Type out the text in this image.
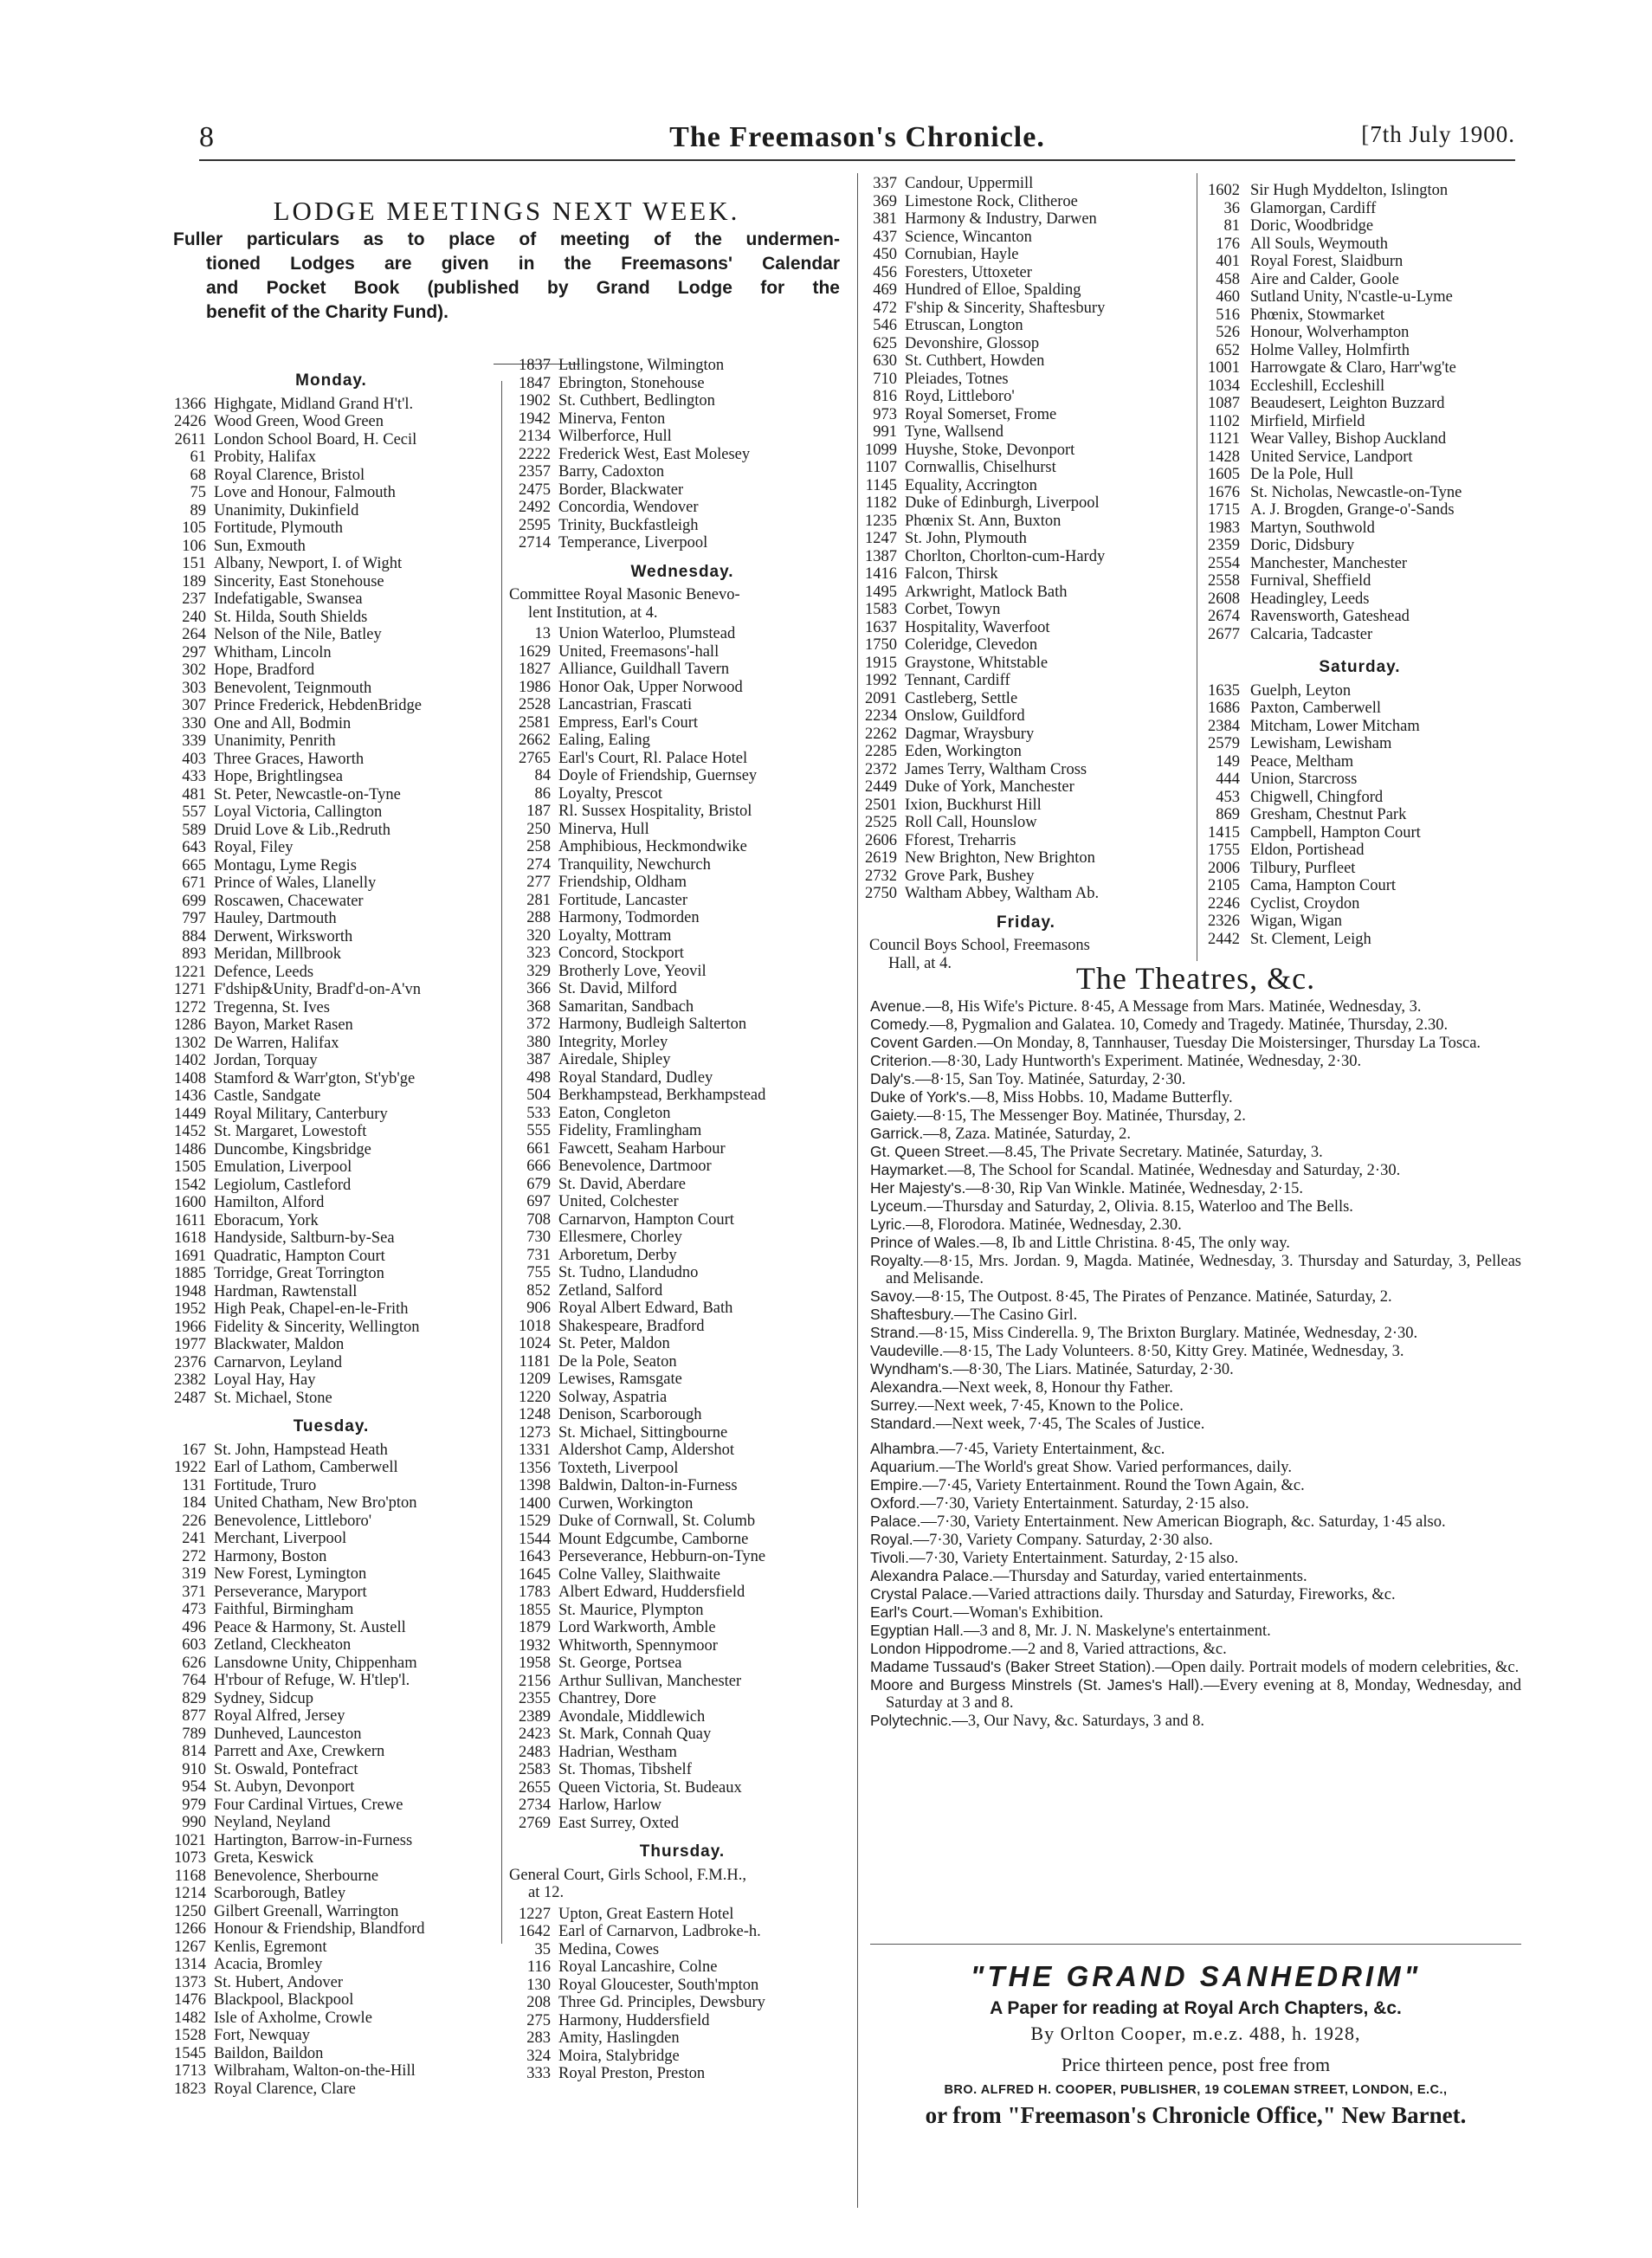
8	The Freemason's Chronicle.	[7th July 1900.
LODGE MEETINGS NEXT WEEK.
Fuller particulars as to place of meeting of the undermen-
tioned Lodges are given in the Freemasons' Calendar
and Pocket Book (published by Grand Lodge for the
benefit of the Charity Fund).
Monday.
1366 Highgate, Midland Grand H't'l.
2426 Wood Green, Wood Green
2611 London School Board, H. Cecil
61 Probity, Halifax
68 Royal Clarence, Bristol
75 Love and Honour, Falmouth
89 Unanimity, Dukinfield
105 Fortitude, Plymouth
106 Sun, Exmouth
151 Albany, Newport, I. of Wight
189 Sincerity, East Stonehouse
237 Indefatigable, Swansea
240 St. Hilda, South Shields
264 Nelson of the Nile, Batley
297 Whitham, Lincoln
302 Hope, Bradford
303 Benevolent, Teignmouth
307 Prince Frederick, HebdenBridge
330 One and All, Bodmin
339 Unanimity, Penrith
403 Three Graces, Haworth
433 Hope, Brightlingsea
481 St. Peter, Newcastle-on-Tyne
557 Loyal Victoria, Callington
589 Druid Love & Lib.,Redruth
643 Royal, Filey
665 Montagu, Lyme Regis
671 Prince of Wales, Llanelly
699 Roscawen, Chacewater
797 Hauley, Dartmouth
884 Derwent, Wirksworth
893 Meridan, Millbrook
1221 Defence, Leeds
1271 F'dship&Unity, Bradf'd-on-A'vn
1272 Tregenna, St. Ives
1286 Bayon, Market Rasen
1302 De Warren, Halifax
1402 Jordan, Torquay
1408 Stamford & Warr'gton, St'yb'ge
1436 Castle, Sandgate
1449 Royal Military, Canterbury
1452 St. Margaret, Lowestoft
1486 Duncombe, Kingsbridge
1505 Emulation, Liverpool
1542 Legiolum, Castleford
1600 Hamilton, Alford
1611 Eboracum, York
1618 Handyside, Saltburn-by-Sea
1691 Quadratic, Hampton Court
1885 Torridge, Great Torrington
1948 Hardman, Rawtenstall
1952 High Peak, Chapel-en-le-Frith
1966 Fidelity & Sincerity, Wellington
1977 Blackwater, Maldon
2376 Carnarvon, Leyland
2382 Loyal Hay, Hay
2487 St. Michael, Stone
Tuesday.
167 St. John, Hampstead Heath
1922 Earl of Lathom, Camberwell
131 Fortitude, Truro
184 United Chatham, New Bro'pton
226 Benevolence, Littleboro'
241 Merchant, Liverpool
272 Harmony, Boston
319 New Forest, Lymington
371 Perseverance, Maryport
473 Faithful, Birmingham
496 Peace & Harmony, St. Austell
603 Zetland, Cleckheaton
626 Lansdowne Unity, Chippenham
764 H'rbour of Refuge, W. H'tlep'l.
829 Sydney, Sidcup
877 Royal Alfred, Jersey
789 Dunheved, Launceston
814 Parrett and Axe, Crewkern
910 St. Oswald, Pontefract
954 St. Aubyn, Devonport
979 Four Cardinal Virtues, Crewe
990 Neyland, Neyland
1021 Hartington, Barrow-in-Furness
1073 Greta, Keswick
1168 Benevolence, Sherbourne
1214 Scarborough, Batley
1250 Gilbert Greenall, Warrington
1266 Honour & Friendship, Blandford
1267 Kenlis, Egremont
1314 Acacia, Bromley
1373 St. Hubert, Andover
1476 Blackpool, Blackpool
1482 Isle of Axholme, Crowle
1528 Fort, Newquay
1545 Baildon, Baildon
1713 Wilbraham, Walton-on-the-Hill
1823 Royal Clarence, Clare
1837 Lullingstone, Wilmington
1847 Ebrington, Stonehouse
1902 St. Cuthbert, Bedlington
1942 Minerva, Fenton
2134 Wilberforce, Hull
2222 Frederick West, East Molesey
2357 Barry, Cadoxton
2475 Border, Blackwater
2492 Concordia, Wendover
2595 Trinity, Buckfastleigh
2714 Temperance, Liverpool
Wednesday.
Committee Royal Masonic Benevo-
lent Institution, at 4.
13 Union Waterloo, Plumstead
1629 United, Freemasons'-hall
1827 Alliance, Guildhall Tavern
1986 Honor Oak, Upper Norwood
2528 Lancastrian, Frascati
2581 Empress, Earl's Court
2662 Ealing, Ealing
2765 Earl's Court, Rl. Palace Hotel
84 Doyle of Friendship, Guernsey
86 Loyalty, Prescot
187 Rl. Sussex Hospitality, Bristol
250 Minerva, Hull
258 Amphibious, Heckmondwike
274 Tranquility, Newchurch
277 Friendship, Oldham
281 Fortitude, Lancaster
288 Harmony, Todmorden
320 Loyalty, Mottram
323 Concord, Stockport
329 Brotherly Love, Yeovil
366 St. David, Milford
368 Samaritan, Sandbach
372 Harmony, Budleigh Salterton
380 Integrity, Morley
387 Airedale, Shipley
498 Royal Standard, Dudley
504 Berkhampstead, Berkhampstead
533 Eaton, Congleton
555 Fidelity, Framlingham
661 Fawcett, Seaham Harbour
666 Benevolence, Dartmoor
679 St. David, Aberdare
697 United, Colchester
708 Carnarvon, Hampton Court
730 Ellesmere, Chorley
731 Arboretum, Derby
755 St. Tudno, Llandudno
852 Zetland, Salford
906 Royal Albert Edward, Bath
1018 Shakespeare, Bradford
1024 St. Peter, Maldon
1181 De la Pole, Seaton
1209 Lewises, Ramsgate
1220 Solway, Aspatria
1248 Denison, Scarborough
1273 St. Michael, Sittingbourne
1331 Aldershot Camp, Aldershot
1356 Toxteth, Liverpool
1398 Baldwin, Dalton-in-Furness
1400 Curwen, Workington
1529 Duke of Cornwall, St. Columb
1544 Mount Edgcumbe, Camborne
1643 Perseverance, Hebburn-on-Tyne
1645 Colne Valley, Slaithwaite
1783 Albert Edward, Huddersfield
1855 St. Maurice, Plympton
1879 Lord Warkworth, Amble
1932 Whitworth, Spennymoor
1958 St. George, Portsea
2156 Arthur Sullivan, Manchester
2355 Chantrey, Dore
2389 Avondale, Middlewich
2423 St. Mark, Connah Quay
2483 Hadrian, Westham
2583 St. Thomas, Tibshelf
2655 Queen Victoria, St. Budeaux
2734 Harlow, Harlow
2769 East Surrey, Oxted
Thursday.
General Court, Girls School, F.M.H.,
at 12.
1227 Upton, Great Eastern Hotel
1642 Earl of Carnarvon, Ladbroke-h.
35 Medina, Cowes
116 Royal Lancashire, Colne
130 Royal Gloucester, South'mpton
208 Three Gd. Principles, Dewsbury
275 Harmony, Huddersfield
283 Amity, Haslingden
324 Moira, Stalybridge
333 Royal Preston, Preston
337 Candour, Uppermill
369 Limestone Rock, Clitheroe
381 Harmony & Industry, Darwen
437 Science, Wincanton
450 Cornubian, Hayle
456 Foresters, Uttoxeter
469 Hundred of Elloe, Spalding
472 F'ship & Sincerity, Shaftesbury
546 Etruscan, Longton
625 Devonshire, Glossop
630 St. Cuthbert, Howden
710 Pleiades, Totnes
816 Royd, Littleboro'
973 Royal Somerset, Frome
991 Tyne, Wallsend
1099 Huyshe, Stoke, Devonport
1107 Cornwallis, Chiselhurst
1145 Equality, Accrington
1182 Duke of Edinburgh, Liverpool
1235 Phœnix St. Ann, Buxton
1247 St. John, Plymouth
1387 Chorlton, Chorlton-cum-Hardy
1416 Falcon, Thirsk
1495 Arkwright, Matlock Bath
1583 Corbet, Towyn
1637 Hospitality, Waverfoot
1750 Coleridge, Clevedon
1915 Graystone, Whitstable
1992 Tennant, Cardiff
2091 Castleberg, Settle
2234 Onslow, Guildford
2262 Dagmar, Wraysbury
2285 Eden, Workington
2372 James Terry, Waltham Cross
2449 Duke of York, Manchester
2501 Ixion, Buckhurst Hill
2525 Roll Call, Hounslow
2606 Fforest, Treharris
2619 New Brighton, New Brighton
2732 Grove Park, Bushey
2750 Waltham Abbey, Waltham Ab.
Friday.
Council Boys School, Freemasons
Hall, at 4.
1602 Sir Hugh Myddelton, Islington
36 Glamorgan, Cardiff
81 Doric, Woodbridge
176 All Souls, Weymouth
401 Royal Forest, Slaidburn
458 Aire and Calder, Goole
460 Sutland Unity, N'castle-u-Lyme
516 Phœnix, Stowmarket
526 Honour, Wolverhampton
652 Holme Valley, Holmfirth
1001 Harrowgate & Claro, Harr'wg'te
1034 Eccleshill, Eccleshill
1087 Beaudesert, Leighton Buzzard
1102 Mirfield, Mirfield
1121 Wear Valley, Bishop Auckland
1428 United Service, Landport
1605 De la Pole, Hull
1676 St. Nicholas, Newcastle-on-Tyne
1715 A. J. Brogden, Grange-o'-Sands
1983 Martyn, Southwold
2359 Doric, Didsbury
2554 Manchester, Manchester
2558 Furnival, Sheffield
2608 Headingley, Leeds
2674 Ravensworth, Gateshead
2677 Calcaria, Tadcaster
Saturday.
1635 Guelph, Leyton
1686 Paxton, Camberwell
2384 Mitcham, Lower Mitcham
2579 Lewisham, Lewisham
149 Peace, Meltham
444 Union, Starcross
453 Chigwell, Chingford
869 Gresham, Chestnut Park
1415 Campbell, Hampton Court
1755 Eldon, Portishead
2006 Tilbury, Purfleet
2105 Cama, Hampton Court
2246 Cyclist, Croydon
2326 Wigan, Wigan
2442 St. Clement, Leigh
The Theatres, &c.
Avenue.—8, His Wife's Picture. 8·45, A Message from Mars. Matinée, Wednesday, 3.
Comedy.—8, Pygmalion and Galatea. 10, Comedy and Tragedy. Matinée, Thursday, 2.30.
Covent Garden.—On Monday, 8, Tannhauser, Tuesday Die Moistersinger, Thursday La Tosca.
Criterion.—8·30, Lady Huntworth's Experiment. Matinée, Wednesday, 2·30.
Daly's.—8·15, San Toy. Matinée, Saturday, 2·30.
Duke of York's.—8, Miss Hobbs. 10, Madame Butterfly.
Gaiety.—8·15, The Messenger Boy. Matinée, Thursday, 2.
Garrick.—8, Zaza. Matinée, Saturday, 2.
Gt. Queen Street.—8.45, The Private Secretary. Matinée, Saturday, 3.
Haymarket.—8, The School for Scandal. Matinée, Wednesday and Saturday, 2·30.
Her Majesty's.—8·30, Rip Van Winkle. Matinée, Wednesday, 2·15.
Lyceum.—Thursday and Saturday, 2, Olivia. 8.15, Waterloo and The Bells.
Lyric.—8, Florodora. Matinée, Wednesday, 2.30.
Prince of Wales.—8, Ib and Little Christina. 8·45, The only way.
Royalty.—8·15, Mrs. Jordan. 9, Magda. Matinée, Wednesday, 3. Thursday and Saturday, 3, Pelleas and Melisande.
Savoy.—8·15, The Outpost. 8·45, The Pirates of Penzance. Matinée, Saturday, 2.
Shaftesbury.—The Casino Girl.
Strand.—8·15, Miss Cinderella. 9, The Brixton Burglary. Matinée, Wednesday, 2·30.
Vaudeville.—8·15, The Lady Volunteers. 8·50, Kitty Grey. Matinée, Wednesday, 3.
Wyndham's.—8·30, The Liars. Matinée, Saturday, 2·30.
Alexandra.—Next week, 8, Honour thy Father.
Surrey.—Next week, 7·45, Known to the Police.
Standard.—Next week, 7·45, The Scales of Justice.
Alhambra.—7·45, Variety Entertainment, &c.
Aquarium.—The World's great Show. Varied performances, daily.
Empire.—7·45, Variety Entertainment. Round the Town Again, &c.
Oxford.—7·30, Variety Entertainment. Saturday, 2·15 also.
Palace.—7·30, Variety Entertainment. New American Biograph, &c. Saturday, 1·45 also.
Royal.—7·30, Variety Company. Saturday, 2·30 also.
Tivoli.—7·30, Variety Entertainment. Saturday, 2·15 also.
Alexandra Palace.—Thursday and Saturday, varied entertainments.
Crystal Palace.—Varied attractions daily. Thursday and Saturday, Fireworks, &c.
Earl's Court.—Woman's Exhibition.
Egyptian Hall.—3 and 8, Mr. J. N. Maskelyne's entertainment.
London Hippodrome.—2 and 8, Varied attractions, &c.
Madame Tussaud's (Baker Street Station).—Open daily. Portrait models of modern celebrities, &c.
Moore and Burgess Minstrels (St. James's Hall).—Every evening at 8, Monday, Wednesday, and Saturday at 3 and 8.
Polytechnic.—3, Our Navy, &c. Saturdays, 3 and 8.
"THE GRAND SANHEDRIM"
A Paper for reading at Royal Arch Chapters, &c.
By Orlton Cooper, m.e.z. 488, h. 1928,
Price thirteen pence, post free from
BRO. ALFRED H. COOPER, PUBLISHER, 19 COLEMAN STREET, LONDON, E.C.,
or from "Freemason's Chronicle Office," New Barnet.
